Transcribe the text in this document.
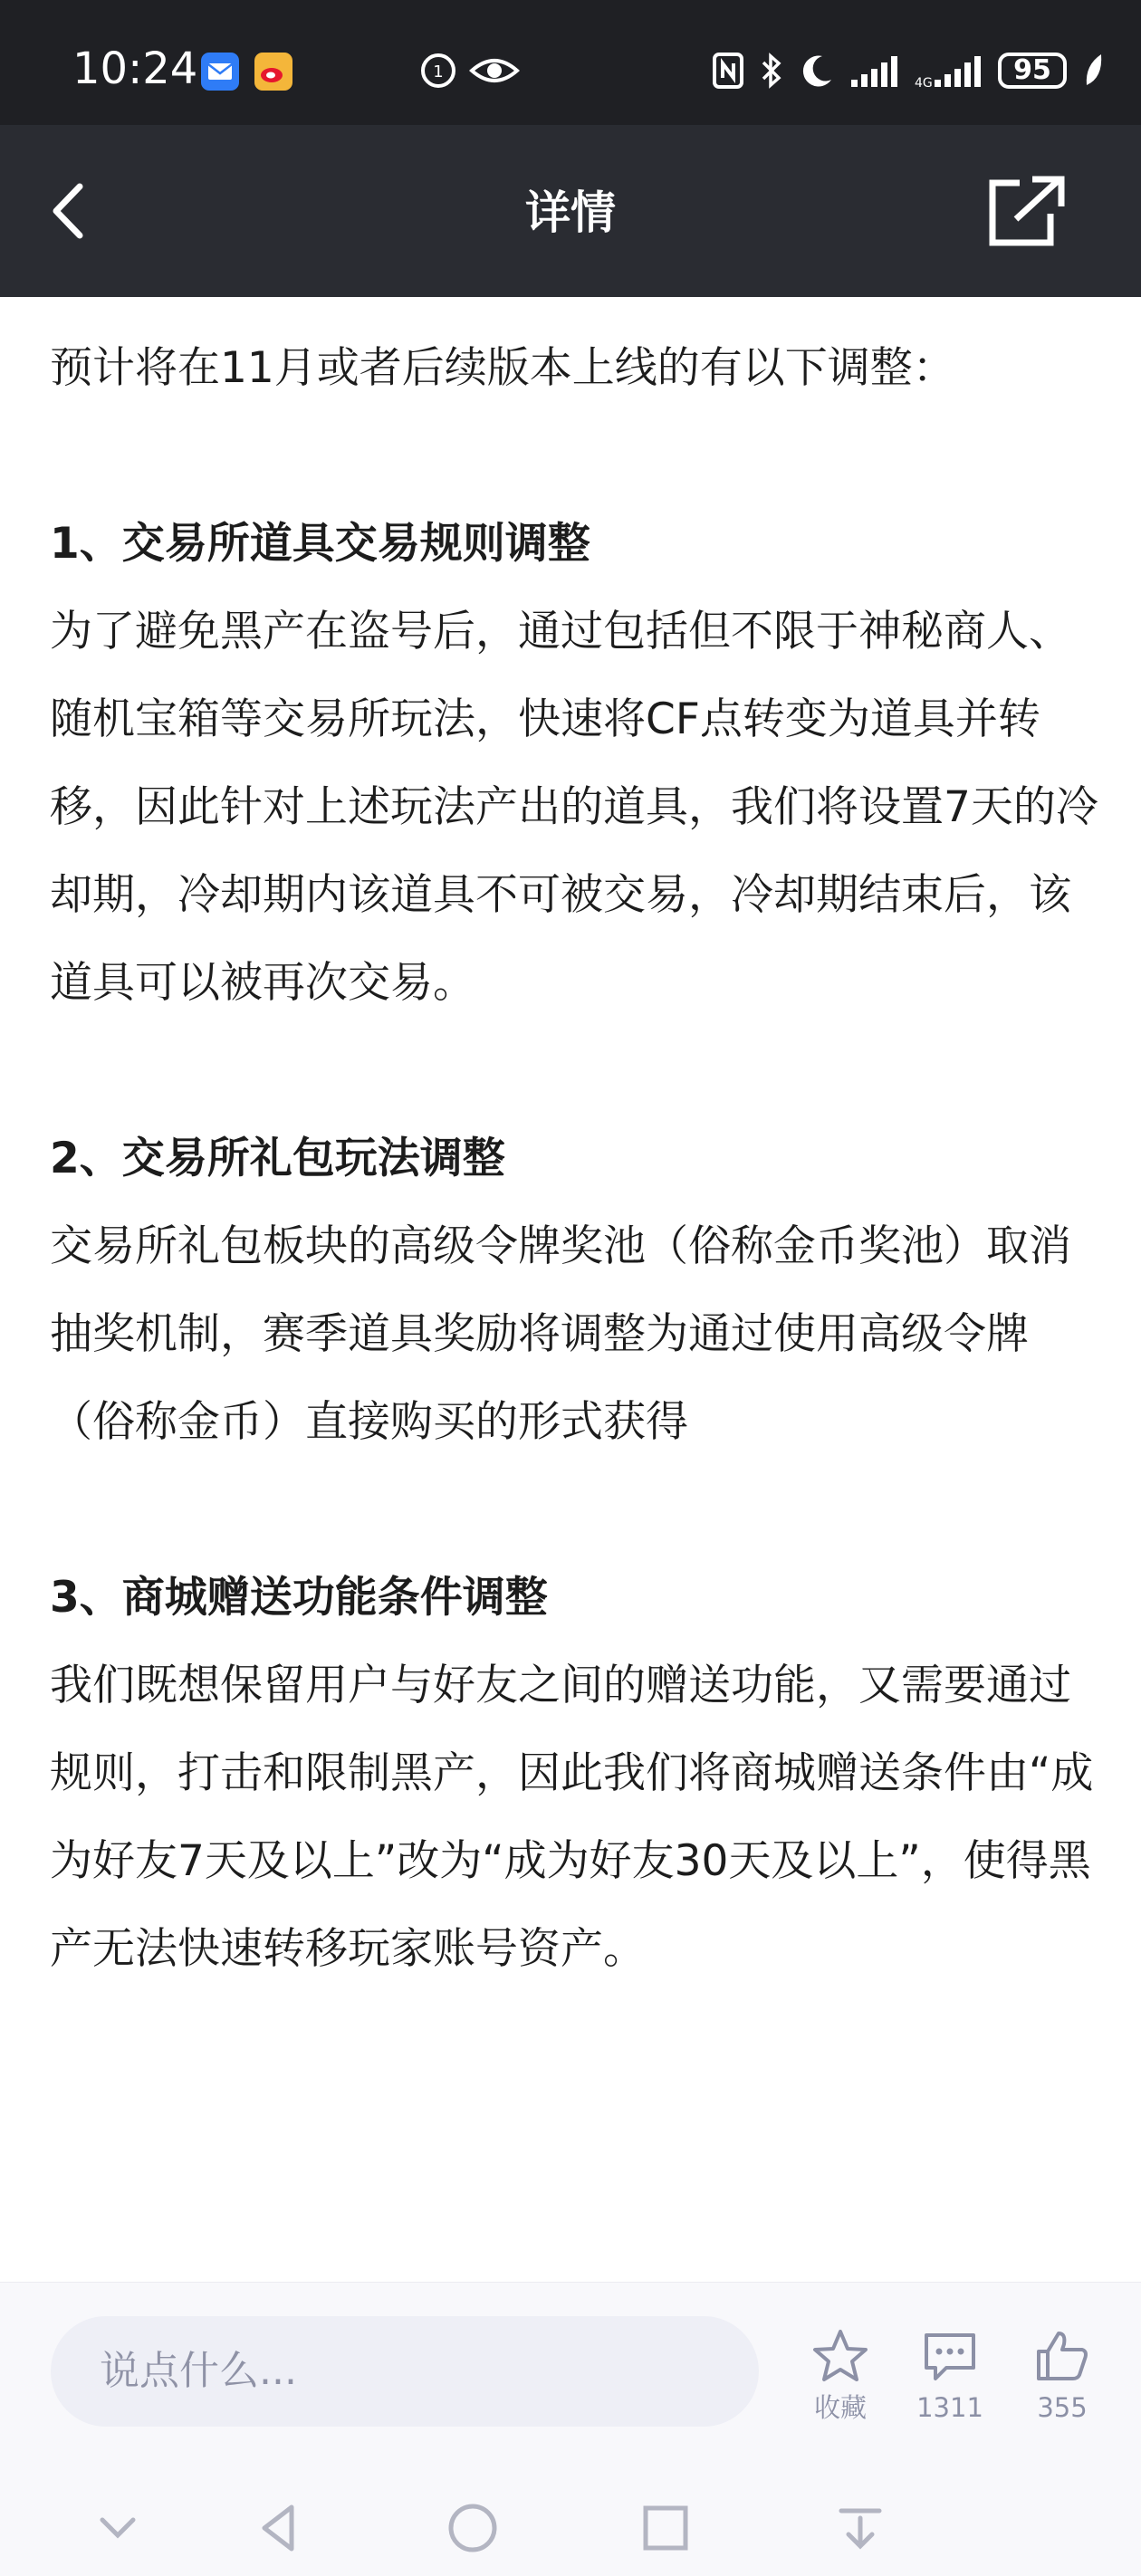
10:24	1
4G	95
详情

预计将在11月或者后续版本上线的有以下调整：

1、交易所道具交易规则调整

为了避免黑产在盗号后，通过包括但不限于神秘商人、随机宝箱等交易所玩法，快速将CF点转变为道具并转移，因此针对上述玩法产出的道具，我们将设置7天的冷却期，冷却期内该道具不可被交易，冷却期结束后，该道具可以被再次交易。

2、交易所礼包玩法调整

交易所礼包板块的高级令牌奖池（俗称金币奖池）取消抽奖机制，赛季道具奖励将调整为通过使用高级令牌（俗称金币）直接购买的形式获得

3、商城赠送功能条件调整

我们既想保留用户与好友之间的赠送功能，又需要通过规则，打击和限制黑产，因此我们将商城赠送条件由“成为好友7天及以上”改为“成为好友30天及以上”，使得黑产无法快速转移玩家账号资产。

说点什么...
收藏	1311	355
